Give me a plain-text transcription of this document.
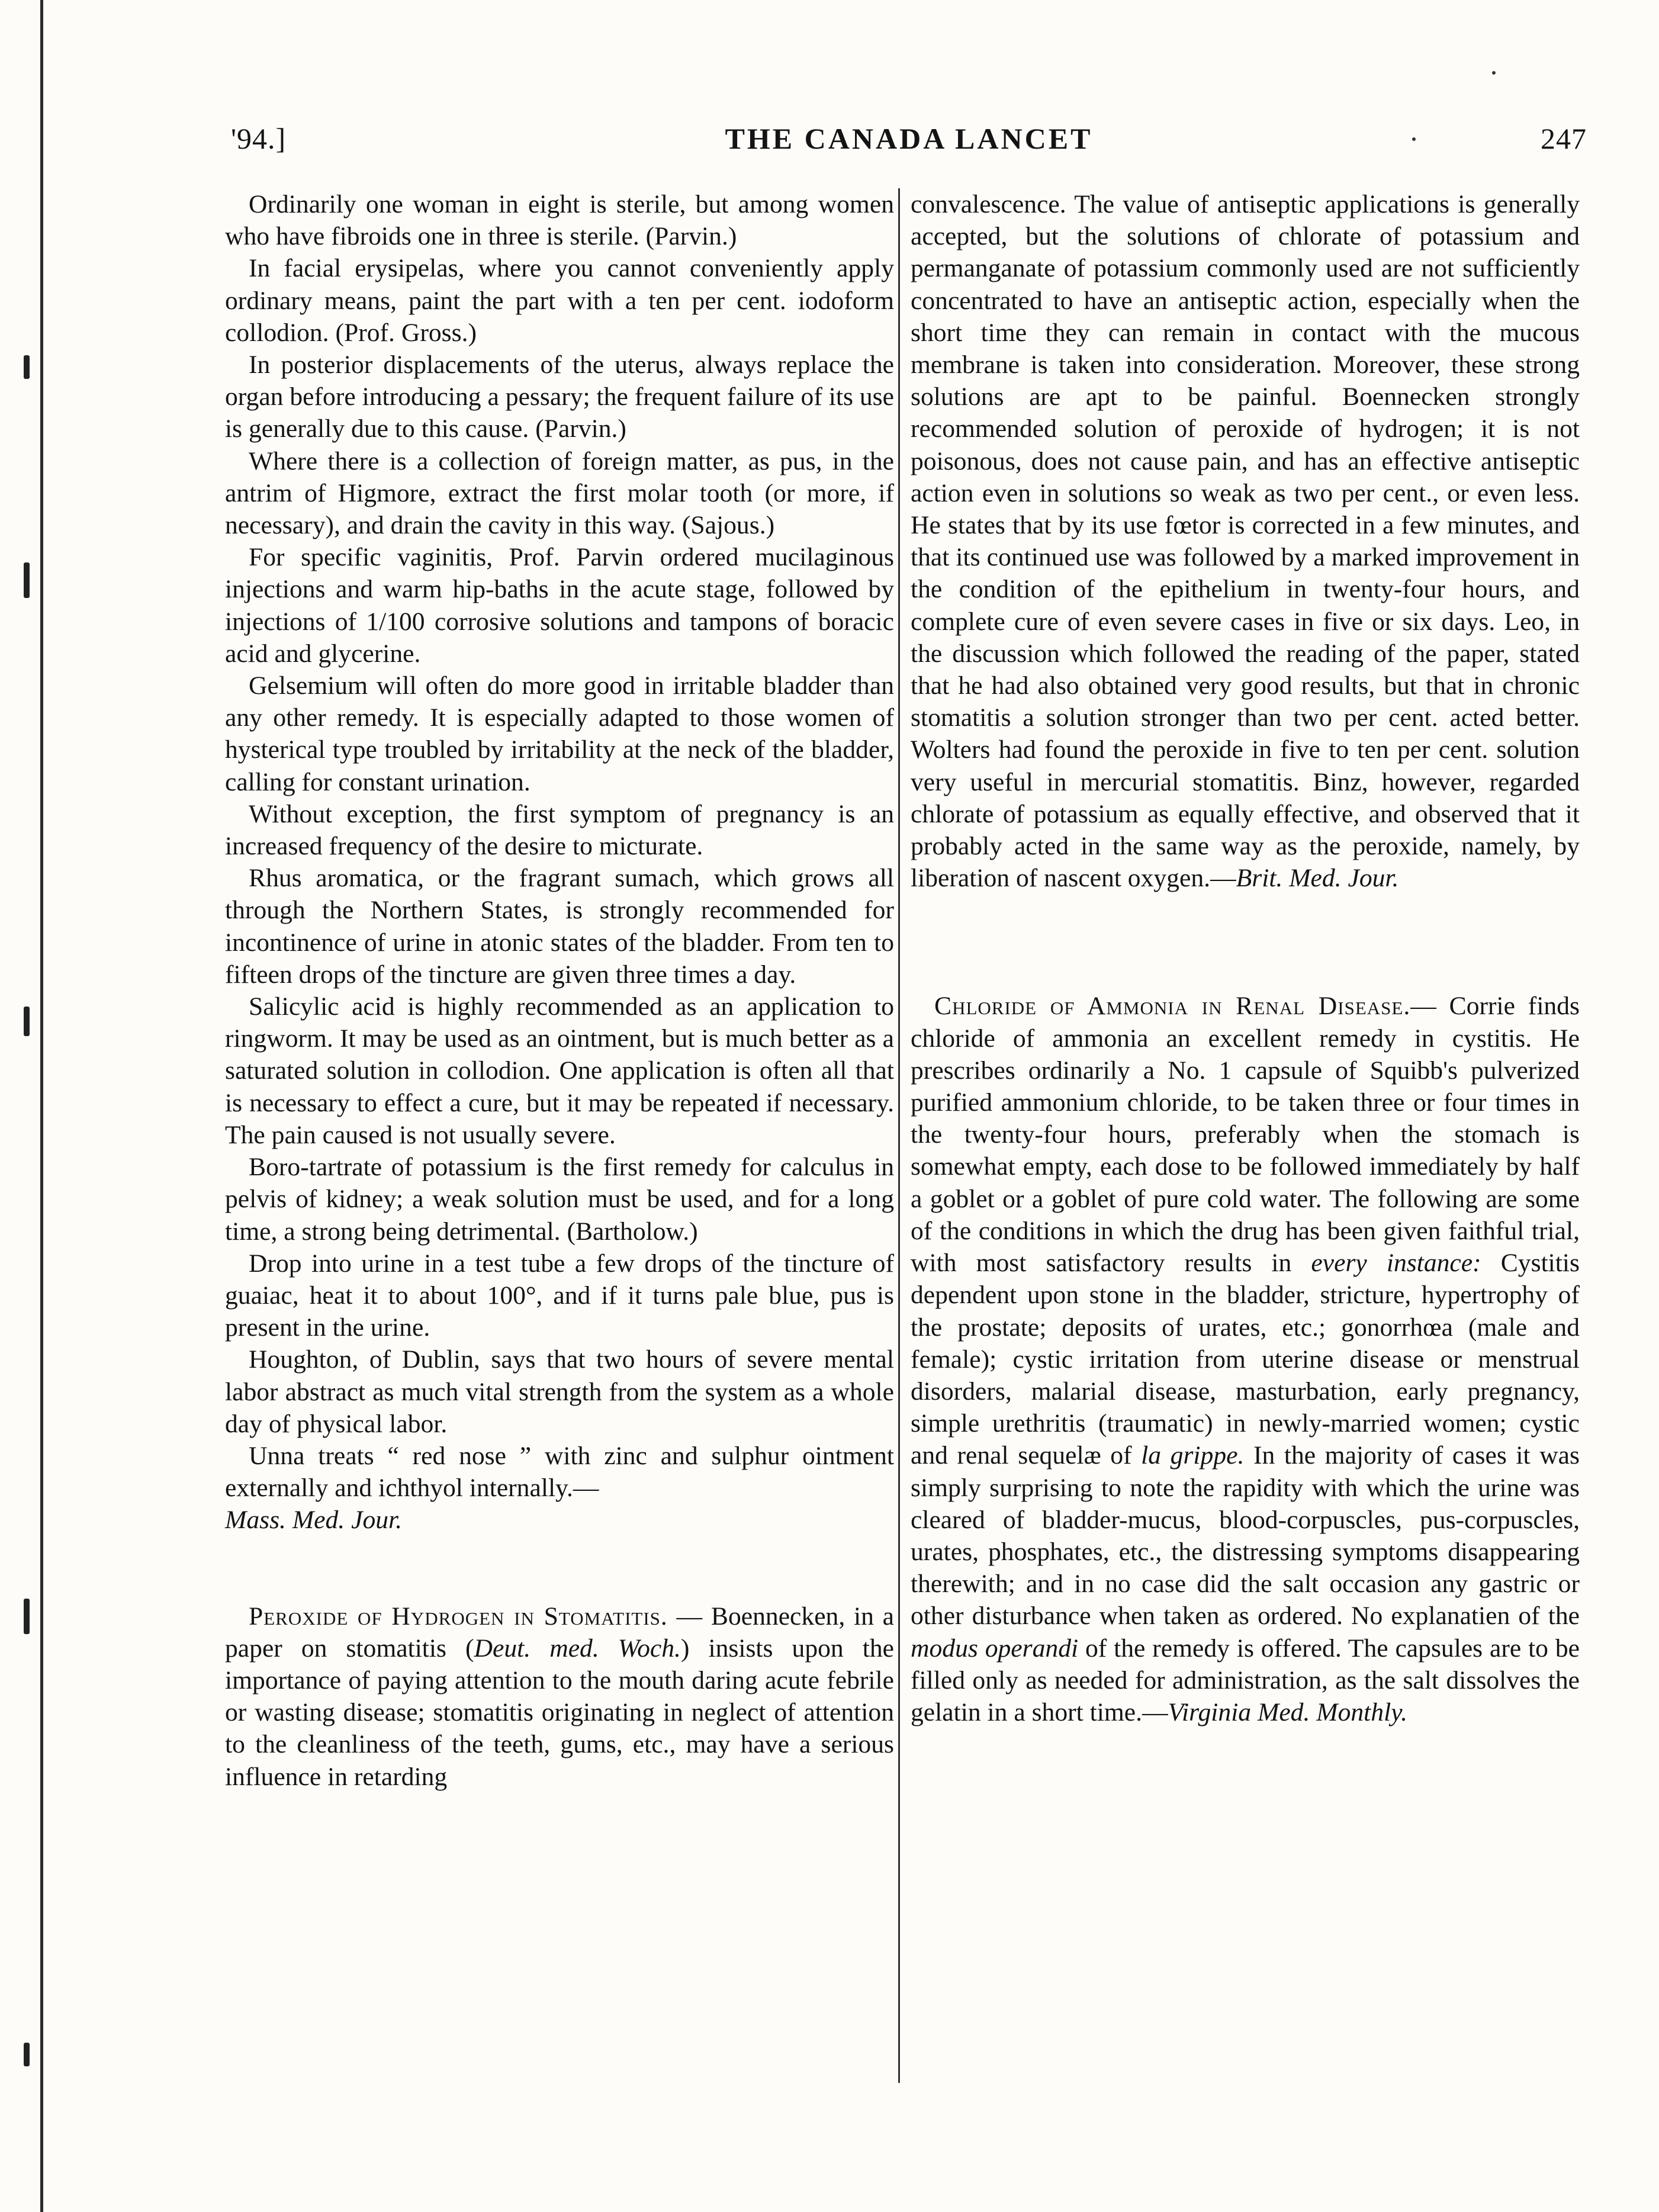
'94.]	THE CANADA LANCET	247

Ordinarily one woman in eight is sterile, but among women who have fibroids one in three is sterile. (Parvin.)

In facial erysipelas, where you cannot conveniently apply ordinary means, paint the part with a ten per cent. iodoform collodion. (Prof. Gross.)

In posterior displacements of the uterus, always replace the organ before introducing a pessary; the frequent failure of its use is generally due to this cause. (Parvin.)

Where there is a collection of foreign matter, as pus, in the antrim of Higmore, extract the first molar tooth (or more, if necessary), and drain the cavity in this way. (Sajous.)

For specific vaginitis, Prof. Parvin ordered mucilaginous injections and warm hip-baths in the acute stage, followed by injections of 1/100 corrosive solutions and tampons of boracic acid and glycerine.

Gelsemium will often do more good in irritable bladder than any other remedy. It is especially adapted to those women of hysterical type troubled by irritability at the neck of the bladder, calling for constant urination.

Without exception, the first symptom of pregnancy is an increased frequency of the desire to micturate.

Rhus aromatica, or the fragrant sumach, which grows all through the Northern States, is strongly recommended for incontinence of urine in atonic states of the bladder. From ten to fifteen drops of the tincture are given three times a day.

Salicylic acid is highly recommended as an application to ringworm. It may be used as an ointment, but is much better as a saturated solution in collodion. One application is often all that is necessary to effect a cure, but it may be repeated if necessary. The pain caused is not usually severe.

Boro-tartrate of potassium is the first remedy for calculus in pelvis of kidney; a weak solution must be used, and for a long time, a strong being detrimental. (Bartholow.)

Drop into urine in a test tube a few drops of the tincture of guaiac, heat it to about 100°, and if it turns pale blue, pus is present in the urine.

Houghton, of Dublin, says that two hours of severe mental labor abstract as much vital strength from the system as a whole day of physical labor.

Unna treats “ red nose ” with zinc and sulphur ointment externally and ichthyol internally.—

Mass. Med. Jour.

Peroxide of Hydrogen in Stomatitis. — Boennecken, in a paper on stomatitis (Deut. med. Woch.) insists upon the importance of paying attention to the mouth daring acute febrile or wasting disease; stomatitis originating in neglect of attention to the cleanliness of the teeth, gums, etc., may have a serious influence in retarding

convalescence. The value of antiseptic applications is generally accepted, but the solutions of chlorate of potassium and permanganate of potassium commonly used are not sufficiently concentrated to have an antiseptic action, especially when the short time they can remain in contact with the mucous membrane is taken into consideration. Moreover, these strong solutions are apt to be painful. Boennecken strongly recommended solution of peroxide of hydrogen; it is not poisonous, does not cause pain, and has an effective antiseptic action even in solutions so weak as two per cent., or even less. He states that by its use fœtor is corrected in a few minutes, and that its continued use was followed by a marked improvement in the condition of the epithelium in twenty-four hours, and complete cure of even severe cases in five or six days. Leo, in the discussion which followed the reading of the paper, stated that he had also obtained very good results, but that in chronic stomatitis a solution stronger than two per cent. acted better. Wolters had found the peroxide in five to ten per cent. solution very useful in mercurial stomatitis. Binz, however, regarded chlorate of potassium as equally effective, and observed that it probably acted in the same way as the peroxide, namely, by liberation of nascent oxygen.—Brit. Med. Jour.

Chloride of Ammonia in Renal Disease.— Corrie finds chloride of ammonia an excellent remedy in cystitis. He prescribes ordinarily a No. 1 capsule of Squibb's pulverized purified ammonium chloride, to be taken three or four times in the twenty-four hours, preferably when the stomach is somewhat empty, each dose to be followed immediately by half a goblet or a goblet of pure cold water. The following are some of the conditions in which the drug has been given faithful trial, with most satisfactory results in every instance: Cystitis dependent upon stone in the bladder, stricture, hypertrophy of the prostate; deposits of urates, etc.; gonorrhœa (male and female); cystic irritation from uterine disease or menstrual disorders, malarial disease, masturbation, early pregnancy, simple urethritis (traumatic) in newly-married women; cystic and renal sequelæ of la grippe. In the majority of cases it was simply surprising to note the rapidity with which the urine was cleared of bladder-mucus, blood-corpuscles, pus-corpuscles, urates, phosphates, etc., the distressing symptoms disappearing therewith; and in no case did the salt occasion any gastric or other disturbance when taken as ordered. No explanatien of the modus operandi of the remedy is offered. The capsules are to be filled only as needed for administration, as the salt dissolves the gelatin in a short time.—Virginia Med. Monthly.
